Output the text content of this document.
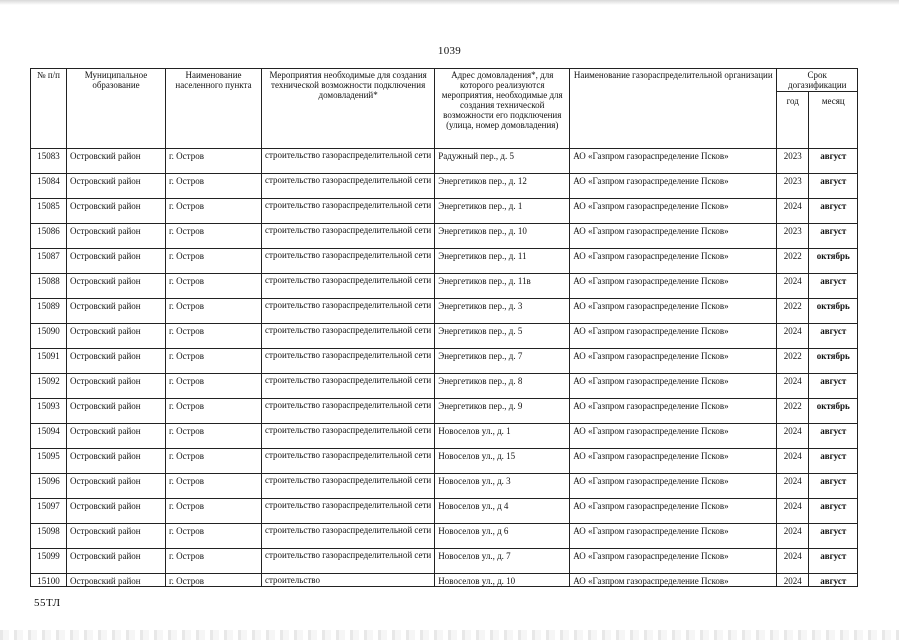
1039
№ п/п	Муниципальное образование	Наименование населенного пункта	Мероприятия необходимые для создания технической возможности подключения домовладений*	Адрес домовладения*, для которого реализуются мероприятия, необходимые для создания технической возможности его подключения (улица, номер домовладения)	Наименование газораспределительной организации	Срок догазификации	
						год	месяц
15083	Островский район	г. Остров	строительство газораспределительной сети	Радужный пер., д. 5	АО «Газпром газораспределение Псков»	2023	август
15084	Островский район	г. Остров	строительство газораспределительной сети	Энергетиков пер., д. 12	АО «Газпром газораспределение Псков»	2023	август
15085	Островский район	г. Остров	строительство газораспределительной сети	Энергетиков пер., д. 1	АО «Газпром газораспределение Псков»	2024	август
15086	Островский район	г. Остров	строительство газораспределительной сети	Энергетиков пер., д. 10	АО «Газпром газораспределение Псков»	2023	август
15087	Островский район	г. Остров	строительство газораспределительной сети	Энергетиков пер., д. 11	АО «Газпром газораспределение Псков»	2022	октябрь
15088	Островский район	г. Остров	строительство газораспределительной сети	Энергетиков пер., д. 11в	АО «Газпром газораспределение Псков»	2024	август
15089	Островский район	г. Остров	строительство газораспределительной сети	Энергетиков пер., д. 3	АО «Газпром газораспределение Псков»	2022	октябрь
15090	Островский район	г. Остров	строительство газораспределительной сети	Энергетиков пер., д. 5	АО «Газпром газораспределение Псков»	2024	август
15091	Островский район	г. Остров	строительство газораспределительной сети	Энергетиков пер., д. 7	АО «Газпром газораспределение Псков»	2022	октябрь
15092	Островский район	г. Остров	строительство газораспределительной сети	Энергетиков пер., д. 8	АО «Газпром газораспределение Псков»	2024	август
15093	Островский район	г. Остров	строительство газораспределительной сети	Энергетиков пер., д. 9	АО «Газпром газораспределение Псков»	2022	октябрь
15094	Островский район	г. Остров	строительство газораспределительной сети	Новоселов ул., д. 1	АО «Газпром газораспределение Псков»	2024	август
15095	Островский район	г. Остров	строительство газораспределительной сети	Новоселов ул., д. 15	АО «Газпром газораспределение Псков»	2024	август
15096	Островский район	г. Остров	строительство газораспределительной сети	Новоселов ул., д. 3	АО «Газпром газораспределение Псков»	2024	август
15097	Островский район	г. Остров	строительство газораспределительной сети	Новоселов ул., д 4	АО «Газпром газораспределение Псков»	2024	август
15098	Островский район	г. Остров	строительство газораспределительной сети	Новоселов ул., д 6	АО «Газпром газораспределение Псков»	2024	август
15099	Островский район	г. Остров	строительство газораспределительной сети	Новоселов ул., д. 7	АО «Газпром газораспределение Псков»	2024	август
15100	Островский район	г. Остров	строительство	Новоселов ул., д. 10	АО «Газпром газораспределение Псков»	2024	август
55ТЛ
